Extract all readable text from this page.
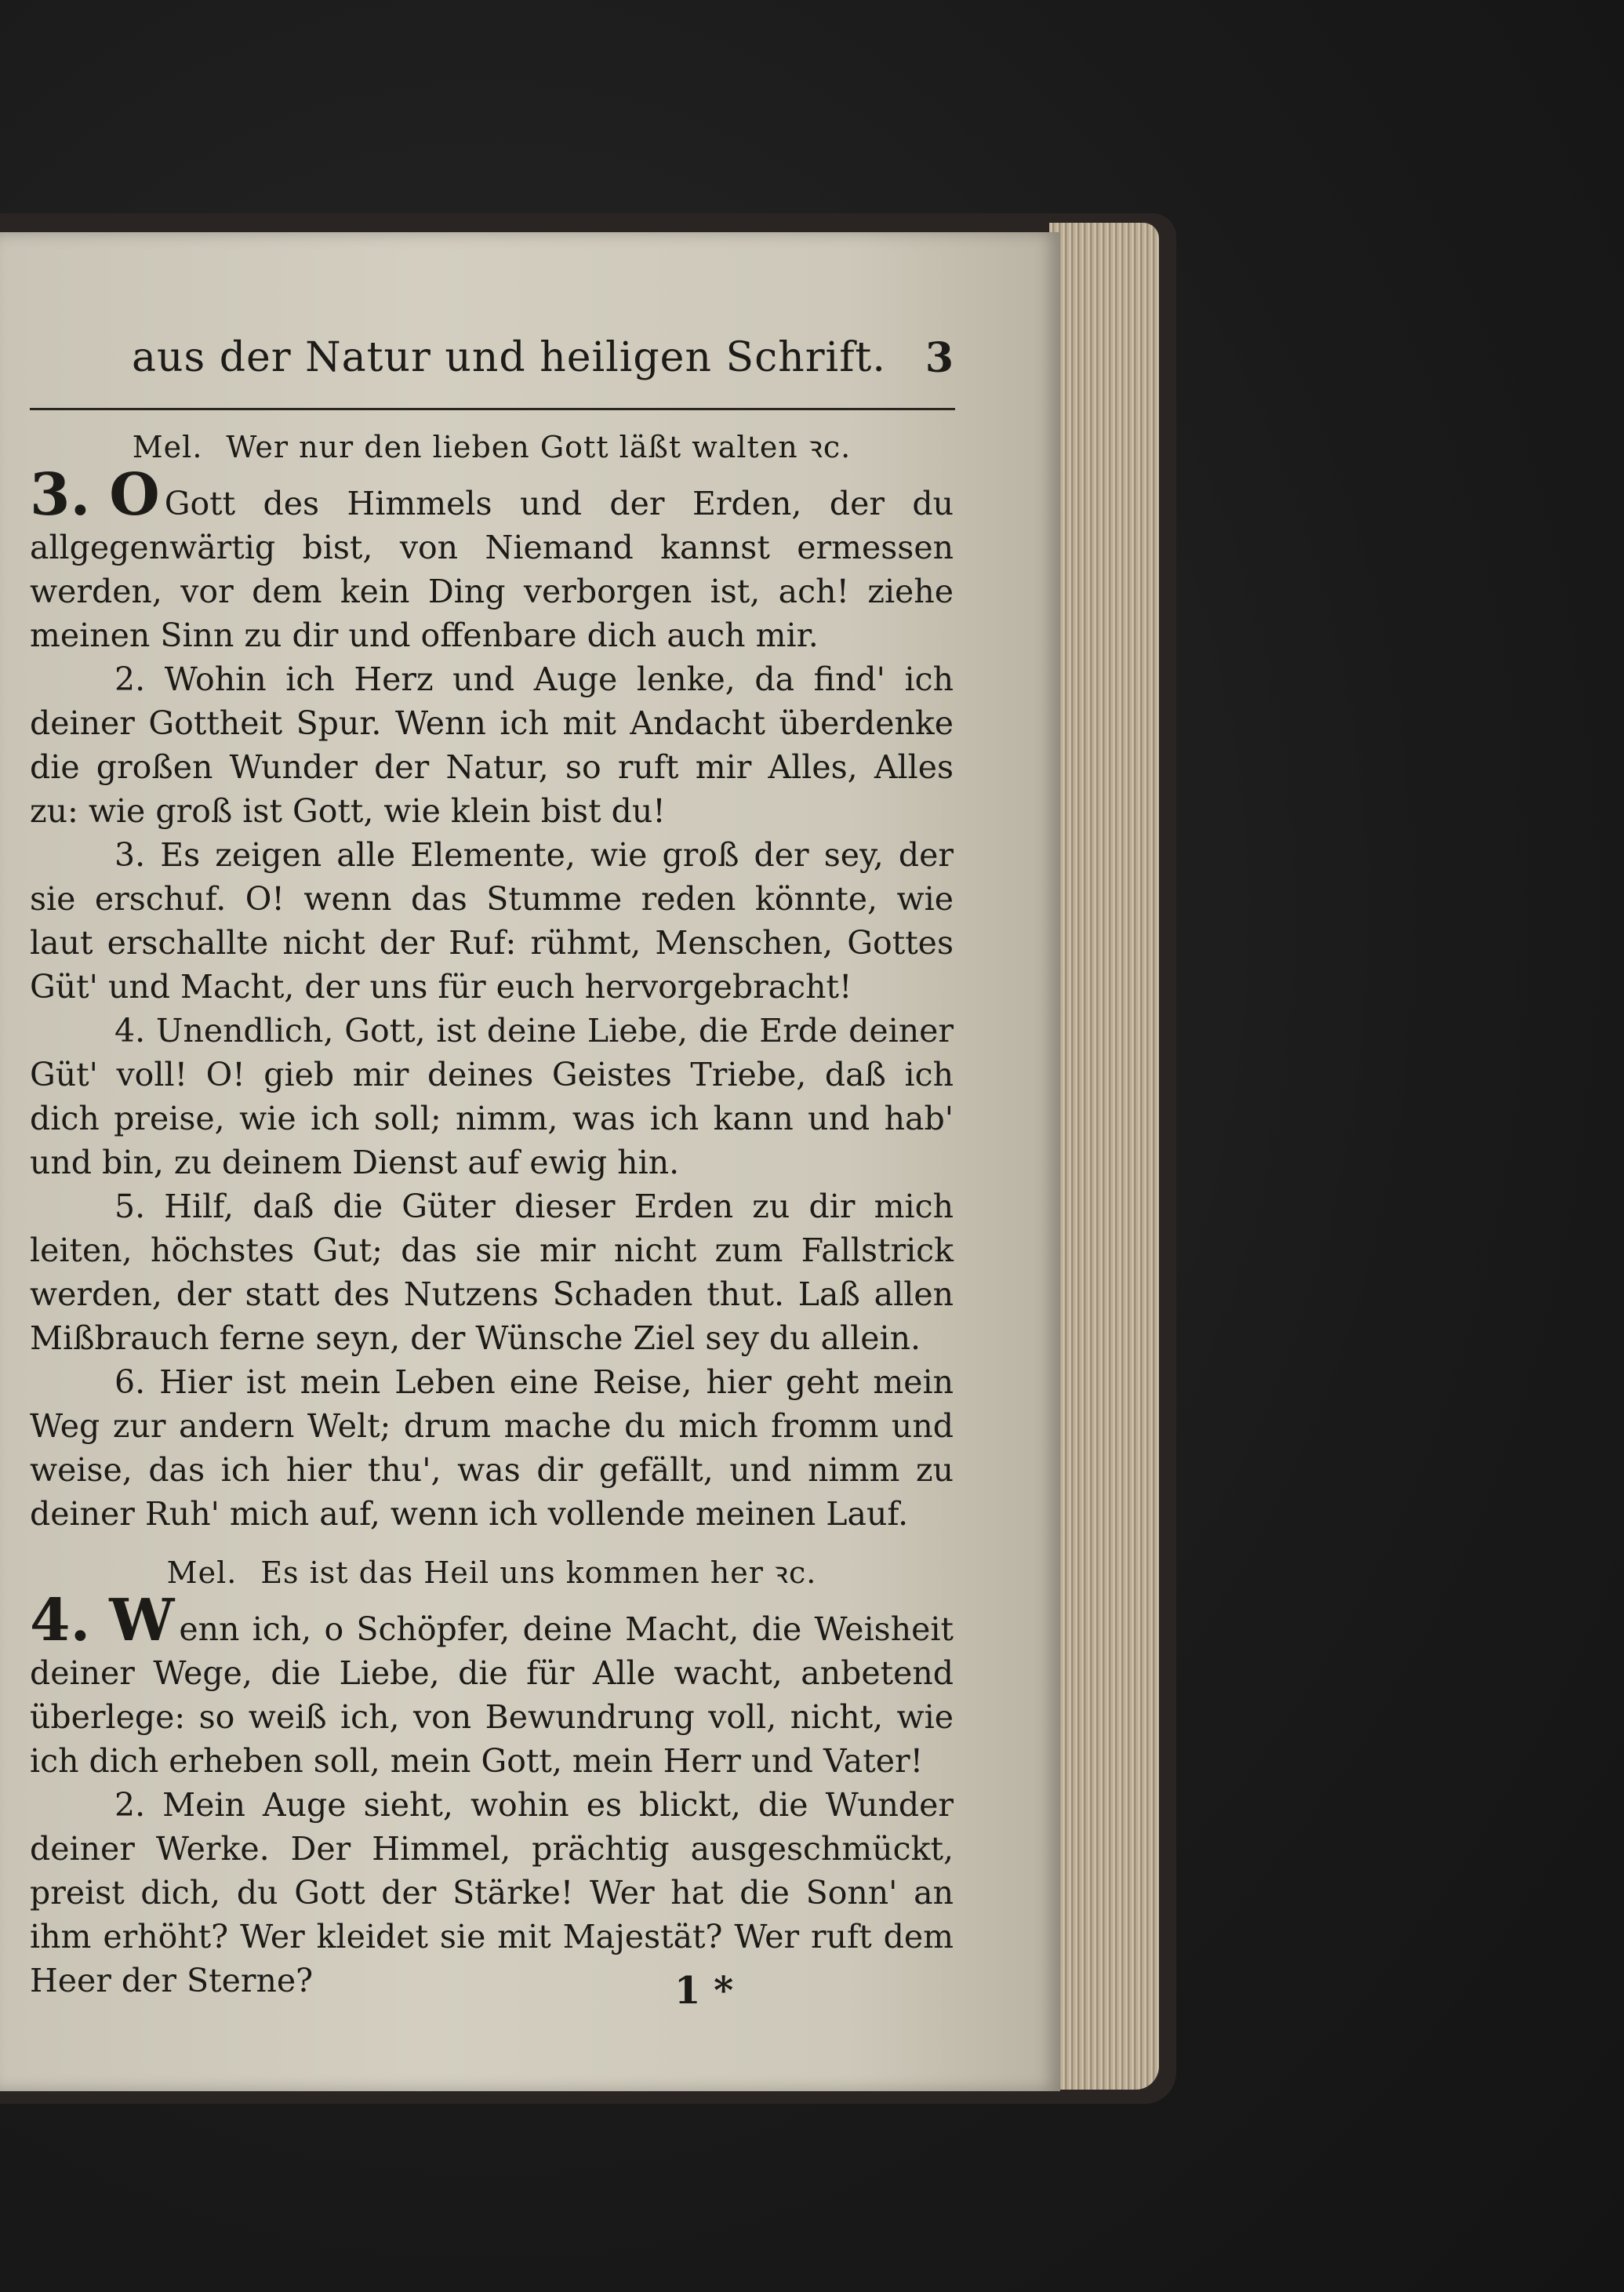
aus der Natur und heiligen Schrift. 3
Mel. Wer nur den lieben Gott läßt walten ꝛc.

3. O Gott des Himmels und der Erden, der du allgegenwärtig bist, von Niemand kannst ermessen werden, vor dem kein Ding verborgen ist, ach! ziehe meinen Sinn zu dir und offenbare dich auch mir.

2. Wohin ich Herz und Auge lenke, da find' ich deiner Gottheit Spur. Wenn ich mit Andacht überdenke die großen Wunder der Natur, so ruft mir Alles, Alles zu: wie groß ist Gott, wie klein bist du!

3. Es zeigen alle Elemente, wie groß der sey, der sie erschuf. O! wenn das Stumme reden könnte, wie laut erschallte nicht der Ruf: rühmt, Menschen, Gottes Güt' und Macht, der uns für euch hervorgebracht!

4. Unendlich, Gott, ist deine Liebe, die Erde deiner Güt' voll! O! gieb mir deines Geistes Triebe, daß ich dich preise, wie ich soll; nimm, was ich kann und hab' und bin, zu deinem Dienst auf ewig hin.

5. Hilf, daß die Güter dieser Erden zu dir mich leiten, höchstes Gut; das sie mir nicht zum Fallstrick werden, der statt des Nutzens Schaden thut. Laß allen Mißbrauch ferne seyn, der Wünsche Ziel sey du allein.

6. Hier ist mein Leben eine Reise, hier geht mein Weg zur andern Welt; drum mache du mich fromm und weise, das ich hier thu', was dir gefällt, und nimm zu deiner Ruh' mich auf, wenn ich vollende meinen Lauf.

Mel. Es ist das Heil uns kommen her ꝛc.

4. W enn ich, o Schöpfer, deine Macht, die Weisheit deiner Wege, die Liebe, die für Alle wacht, anbetend überlege: so weiß ich, von Bewundrung voll, nicht, wie ich dich erheben soll, mein Gott, mein Herr und Vater!

2. Mein Auge sieht, wohin es blickt, die Wunder deiner Werke. Der Himmel, prächtig ausgeschmückt, preist dich, du Gott der Stärke! Wer hat die Sonn' an ihm erhöht? Wer kleidet sie mit Majestät? Wer ruft dem Heer der Sterne?	1 *
